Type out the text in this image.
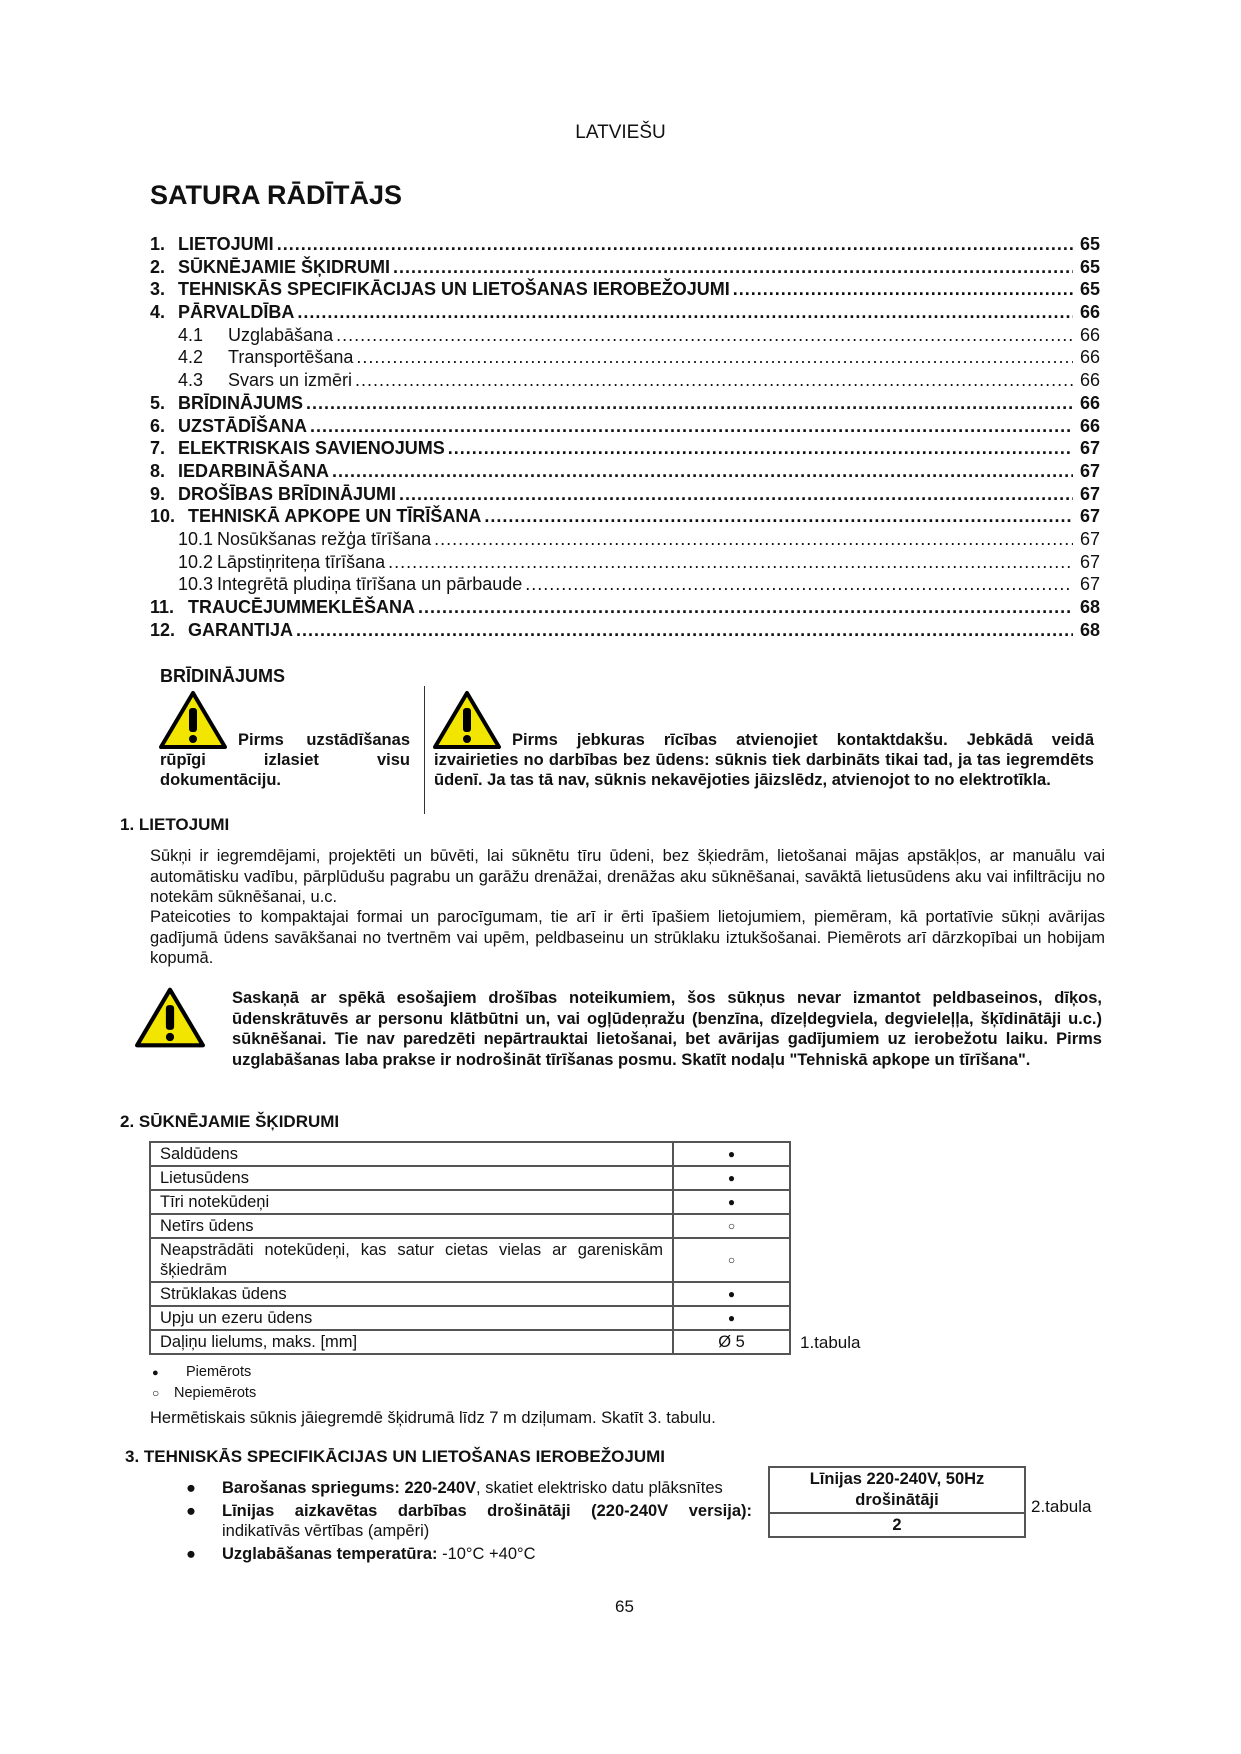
LATVIEŠU
SATURA RĀDĪTĀJS
1. LIETOJUMI .....	65
2. SŪKNĒJAMIE ŠĶIDRUMI .....	65
3. TEHNISKĀS SPECIFIKĀCIJAS UN LIETOŠANAS IEROBEŽOJUMI .....	65
4. PĀRVALDĪBA .....	66
4.1	Uzglabāšana .....	66
4.2	Transportēšana .....	66
4.3	Svars un izmēri .....	66
5. BRĪDINĀJUMS .....	66
6. UZSTĀDĪŠANA .....	66
7. ELEKTRISKAIS SAVIENOJUMS .....	67
8. IEDARBINĀŠANA .....	67
9. DROŠĪBAS BRĪDINĀJUMI .....	67
10. TEHNISKĀ APKOPE UN TĪRĪŠANA .....	67
10.1 Nosūkšanas režģa tīrīšana .....	67
10.2 Lāpstiņriteņa tīrīšana .....	67
10.3 Integrētā pludiņa tīrīšana un pārbaude .....	67
11. TRAUCĒJUMMEKLĒŠANA .....	68
12. GARANTIJA .....	68
BRĪDINĀJUMS
Pirms uzstādīšanas rūpīgi izlasiet visu dokumentāciju.
Pirms jebkuras rīcības atvienojiet kontaktdakšu. Jebkādā veidā izvairieties no darbības bez ūdens: sūknis tiek darbināts tikai tad, ja tas iegremdēts ūdenī. Ja tas tā nav, sūknis nekavējoties jāizslēdz, atvienojot to no elektrotīkla.
1. LIETOJUMI
Sūkņi ir iegremdējami, projektēti un būvēti, lai sūknētu tīru ūdeni, bez šķiedrām, lietošanai mājas apstākļos, ar manuālu vai automātisku vadību, pārplūdušu pagrabu un garāžu drenāžai, drenāžas aku sūknēšanai, savāktā lietusūdens aku vai infiltrāciju no notekām sūknēšanai, u.c.
Pateicoties to kompaktajai formai un parocīgumam, tie arī ir ērti īpašiem lietojumiem, piemēram, kā portatīvie sūkņi avārijas gadījumā ūdens savākšanai no tvertnēm vai upēm, peldbaseinu un strūklaku iztukšošanai. Piemērots arī dārzkopībai un hobijam kopumā.
Saskaņā ar spēkā esošajiem drošības noteikumiem, šos sūkņus nevar izmantot peldbaseinos, dīķos, ūdenskrātuvēs ar personu klātbūtni un, vai ogļūdeņražu (benzīna, dīzeļdegviela, degvieleļļa, šķīdinātāji u.c.) sūknēšanai. Tie nav paredzēti nepārtrauktai lietošanai, bet avārijas gadījumiem uz ierobežotu laiku. Pirms uzglabāšanas laba prakse ir nodrošināt tīrīšanas posmu. Skatīt nodaļu "Tehniskā apkope un tīrīšana".
2. SŪKNĒJAMIE ŠĶIDRUMI
Saldūdens	●
Lietusūdens	●
Tīri notekūdeņi	●
Netīrs ūdens	○
Neapstrādāti notekūdeņi, kas satur cietas vielas ar gareniskām šķiedrām	○
Strūklakas ūdens	●
Upju un ezeru ūdens	●
Daļiņu lielums, maks. [mm]	Ø 5	1.tabula
● Piemērots
○ Nepiemērots
Hermētiskais sūknis jāiegremdē šķidrumā līdz 7 m dziļumam. Skatīt 3. tabulu.
3. TEHNISKĀS SPECIFIKĀCIJAS UN LIETOŠANAS IEROBEŽOJUMI
● Barošanas spriegums: 220-240V, skatiet elektrisko datu plāksnītes
● Līnijas aizkavētas darbības drošinātāji (220-240V versija): indikatīvās vērtības (ampēri)
● Uzglabāšanas temperatūra: -10°C +40°C
Līnijas 220-240V, 50Hz drošinātāji
2
2.tabula
65
